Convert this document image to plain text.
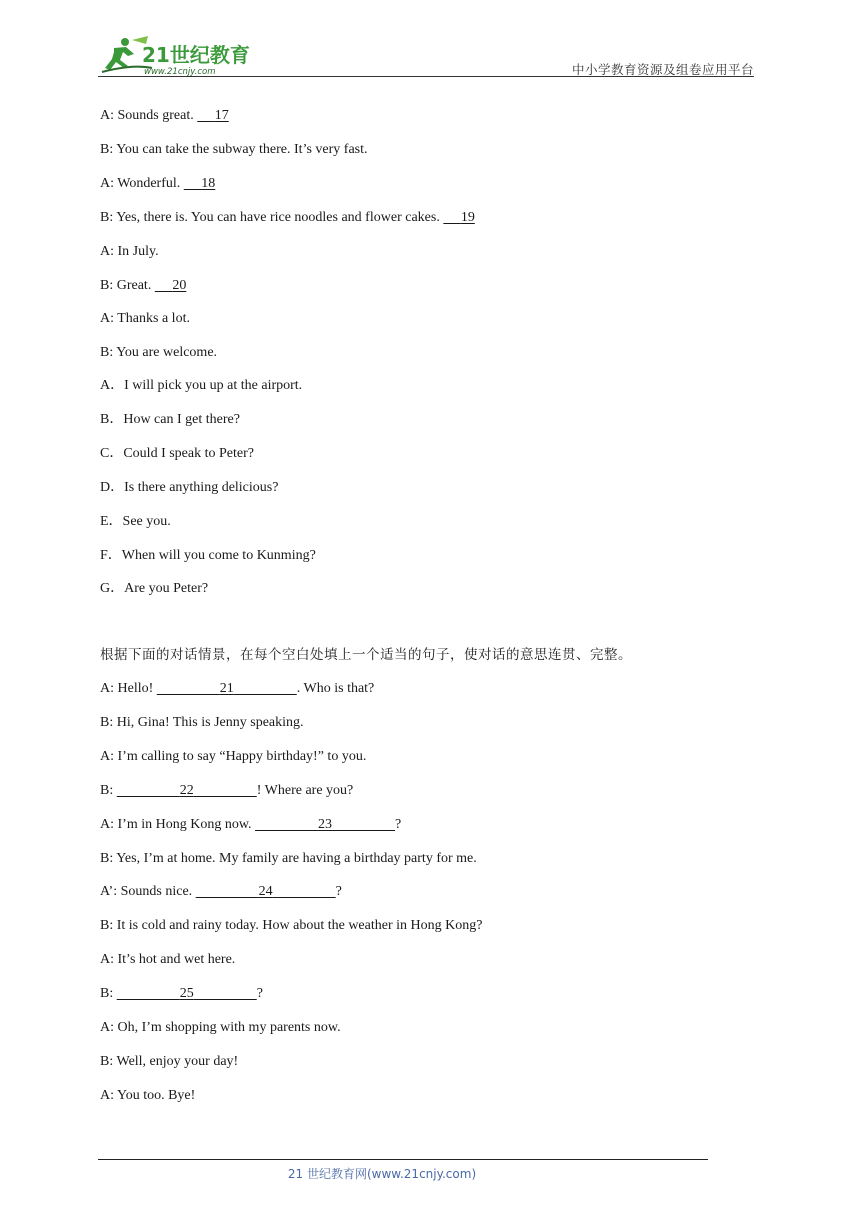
21世纪教育
www.21cnjy.com	中小学教育资源及组卷应用平台
A: Sounds great. 17
B: You can take the subway there. It’s very fast.
A: Wonderful. 18
B: Yes, there is. You can have rice noodles and flower cakes. 19
A: In July.
B: Great. 20
A: Thanks a lot.
B: You are welcome.
A．I will pick you up at the airport.
B．How can I get there?
C．Could I speak to Peter?
D．Is there anything delicious?
E．See you.
F．When will you come to Kunming?
G．Are you Peter?
根据下面的对话情景，在每个空白处填上一个适当的句子，使对话的意思连贯、完整。
A: Hello!	21	. Who is that?
B: Hi, Gina! This is Jenny speaking.
A: I’m calling to say “Happy birthday!” to you.
B:	22	! Where are you?
A: I’m in Hong Kong now.	23	?
B: Yes, I’m at home. My family are having a birthday party for me.
A’: Sounds nice.	24	?
B: It is cold and rainy today. How about the weather in Hong Kong?
A: It’s hot and wet here.
B:	25	?
A: Oh, I’m shopping with my parents now.
B: Well, enjoy your day!
A: You too. Bye!
21 世纪教育网(www.21cnjy.com)
